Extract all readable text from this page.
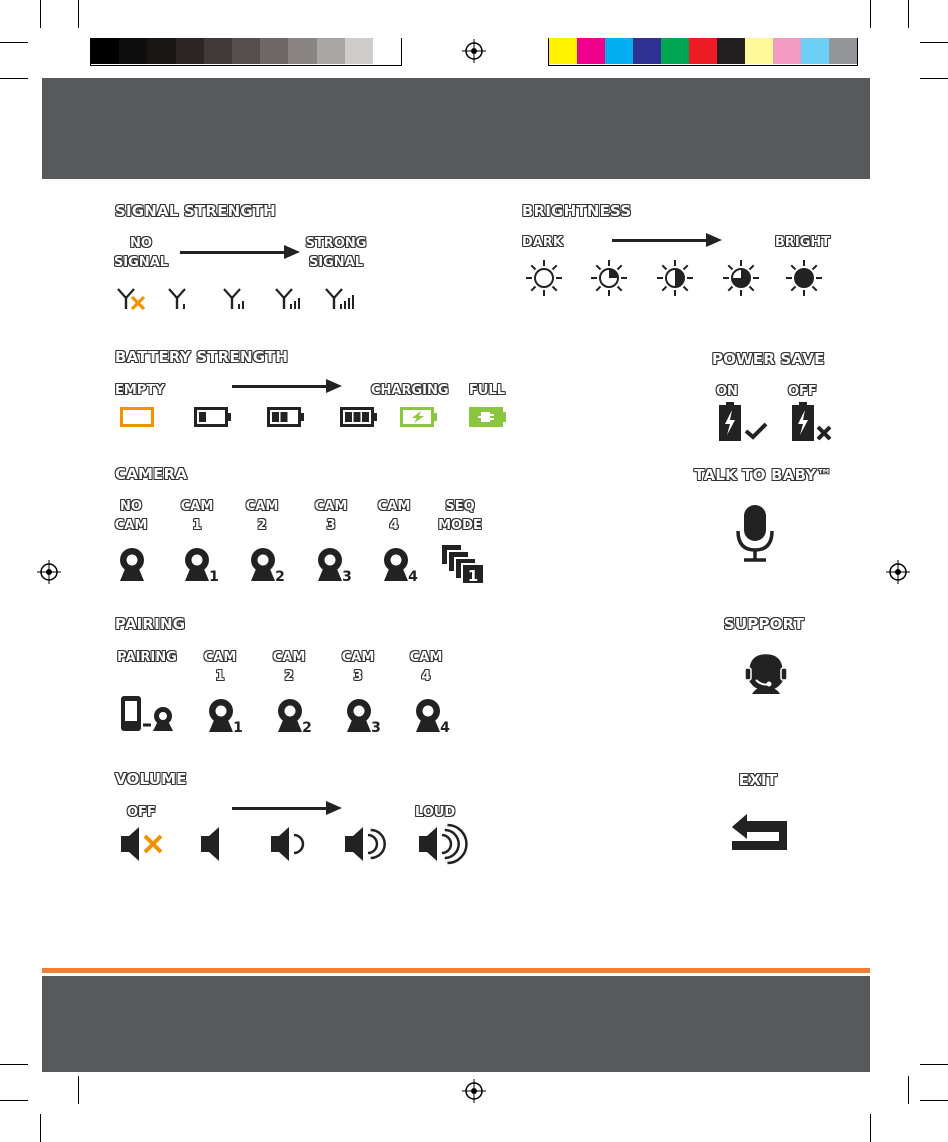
SIGNAL STRENGTH
NO
SIGNAL
STRONG
SIGNAL
BRIGHTNESS
DARK	BRIGHT
BATTERY STRENGTH
EMPTY	CHARGING FULL
POWER SAVE
ON	OFF
CAMERA
NO
CAM
CAM
1
CAM
2
CAM
3
CAM
4
SEQ
MODE
1	2	3	4	1
TALK TO BABY™
PAIRING
PAIRING CAM
1
CAM
2
CAM
3
CAM
4
1	2	3	4
SUPPORT
VOLUME
OFF	LOUD
EXIT
